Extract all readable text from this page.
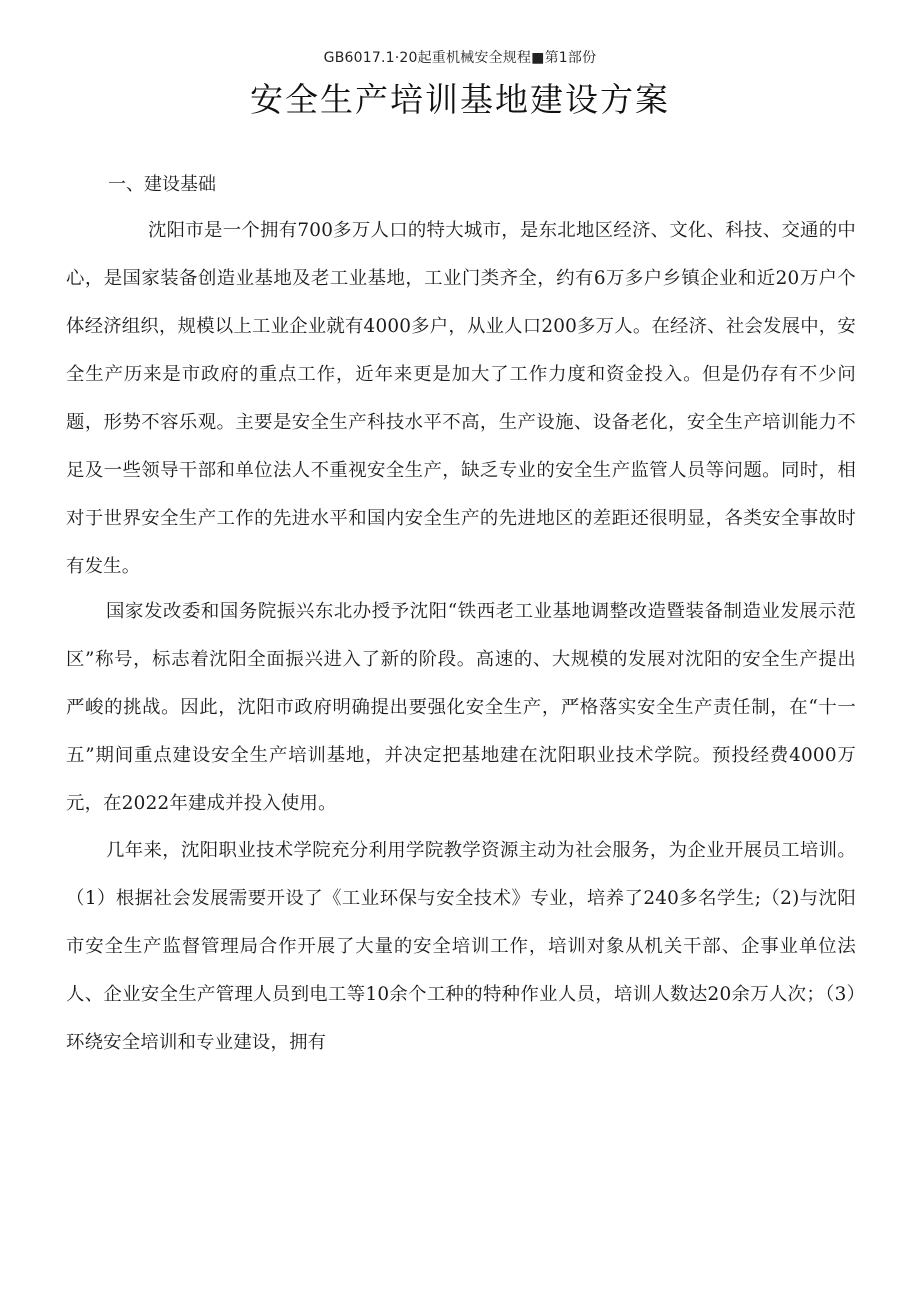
GB6017.1·20起重机械安全规程■第1部份
安全生产培训基地建设方案
一、建设基础

沈阳市是一个拥有700多万人口的特大城市，是东北地区经济、文化、科技、交通的中心，是国家装备创造业基地及老工业基地，工业门类齐全，约有6万多户乡镇企业和近20万户个体经济组织，规模以上工业企业就有4000多户，从业人口200多万人。在经济、社会发展中，安全生产历来是市政府的重点工作，近年来更是加大了工作力度和资金投入。但是仍存有不少问题，形势不容乐观。主要是安全生产科技水平不高，生产设施、设备老化，安全生产培训能力不足及一些领导干部和单位法人不重视安全生产，缺乏专业的安全生产监管人员等问题。同时，相对于世界安全生产工作的先进水平和国内安全生产的先进地区的差距还很明显，各类安全事故时有发生。

国家发改委和国务院振兴东北办授予沈阳“铁西老工业基地调整改造暨装备制造业发展示范区”称号，标志着沈阳全面振兴进入了新的阶段。高速的、大规模的发展对沈阳的安全生产提出严峻的挑战。因此，沈阳市政府明确提出要强化安全生产，严格落实安全生产责任制，在“十一五”期间重点建设安全生产培训基地，并决定把基地建在沈阳职业技术学院。预投经费4000万元，在2022年建成并投入使用。

几年来，沈阳职业技术学院充分利用学院教学资源主动为社会服务，为企业开展员工培训。（1）根据社会发展需要开设了《工业环保与安全技术》专业，培养了240多名学生;（2)与沈阳市安全生产监督管理局合作开展了大量的安全培训工作，培训对象从机关干部、企事业单位法人、企业安全生产管理人员到电工等10余个工种的特种作业人员，培训人数达20余万人次；（3）环绕安全培训和专业建设，拥有
